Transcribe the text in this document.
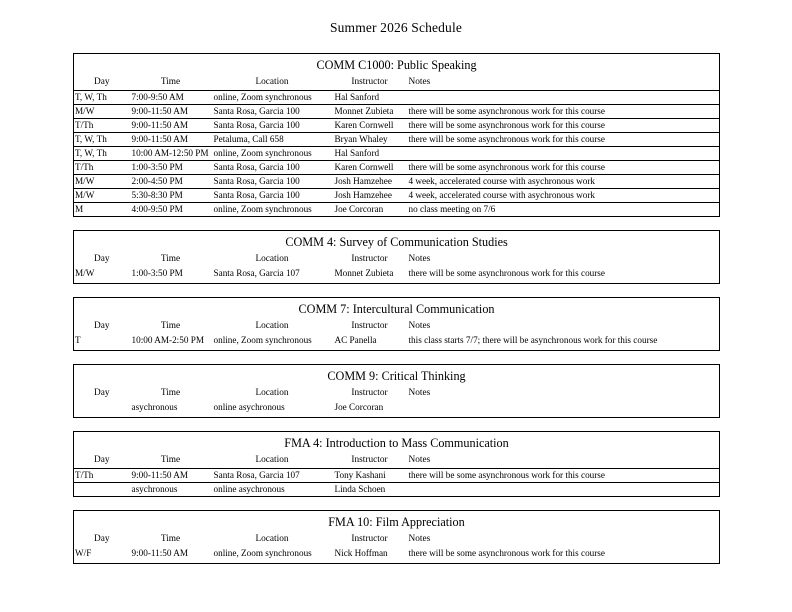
Summer 2026 Schedule
COMM C1000: Public Speaking				
Day	Time	Location	Instructor	Notes
T, W, Th	7:00-9:50 AM	online, Zoom synchronous	Hal Sanford	
M/W	9:00-11:50 AM	Santa Rosa, Garcia 100	Monnet Zubieta	there will be some asynchronous work for this course
T/Th	9:00-11:50 AM	Santa Rosa, Garcia 100	Karen Cornwell	there will be some asynchronous work for this course
T, W, Th	9:00-11:50 AM	Petaluma, Call 658	Bryan Whaley	there will be some asynchronous work for this course
T, W, Th	10:00 AM-12:50 PM	online, Zoom synchronous	Hal Sanford	
T/Th	1:00-3:50 PM	Santa Rosa, Garcia 100	Karen Cornwell	there will be some asynchronous work for this course
M/W	2:00-4:50 PM	Santa Rosa, Garcia 100	Josh Hamzehee	4 week, accelerated course with asychronous work
M/W	5:30-8:30 PM	Santa Rosa, Garcia 100	Josh Hamzehee	4 week, accelerated course with asychronous work
M	4:00-9:50 PM	online, Zoom synchronous	Joe Corcoran	no class meeting on 7/6
COMM 4: Survey of Communication Studies				
Day	Time	Location	Instructor	Notes
M/W	1:00-3:50 PM	Santa Rosa, Garcia 107	Monnet Zubieta	there will be some asynchronous work for this course

COMM 7: Intercultural Communication				
Day	Time	Location	Instructor	Notes
T	10:00 AM-2:50 PM	online, Zoom synchronous	AC Panella	this class starts 7/7; there will be asynchronous work for this course

COMM 9: Critical Thinking				
Day	Time	Location	Instructor	Notes
	asychronous	online asychronous	Joe Corcoran	

FMA 4: Introduction to Mass Communication				
Day	Time	Location	Instructor	Notes
T/Th	9:00-11:50 AM	Santa Rosa, Garcia 107	Tony Kashani	there will be some asynchronous work for this course
	asychronous	online asychronous	Linda Schoen	
FMA 10: Film Appreciation				
Day	Time	Location	Instructor	Notes
W/F	9:00-11:50 AM	online, Zoom synchronous	Nick Hoffman	there will be some asynchronous work for this course
